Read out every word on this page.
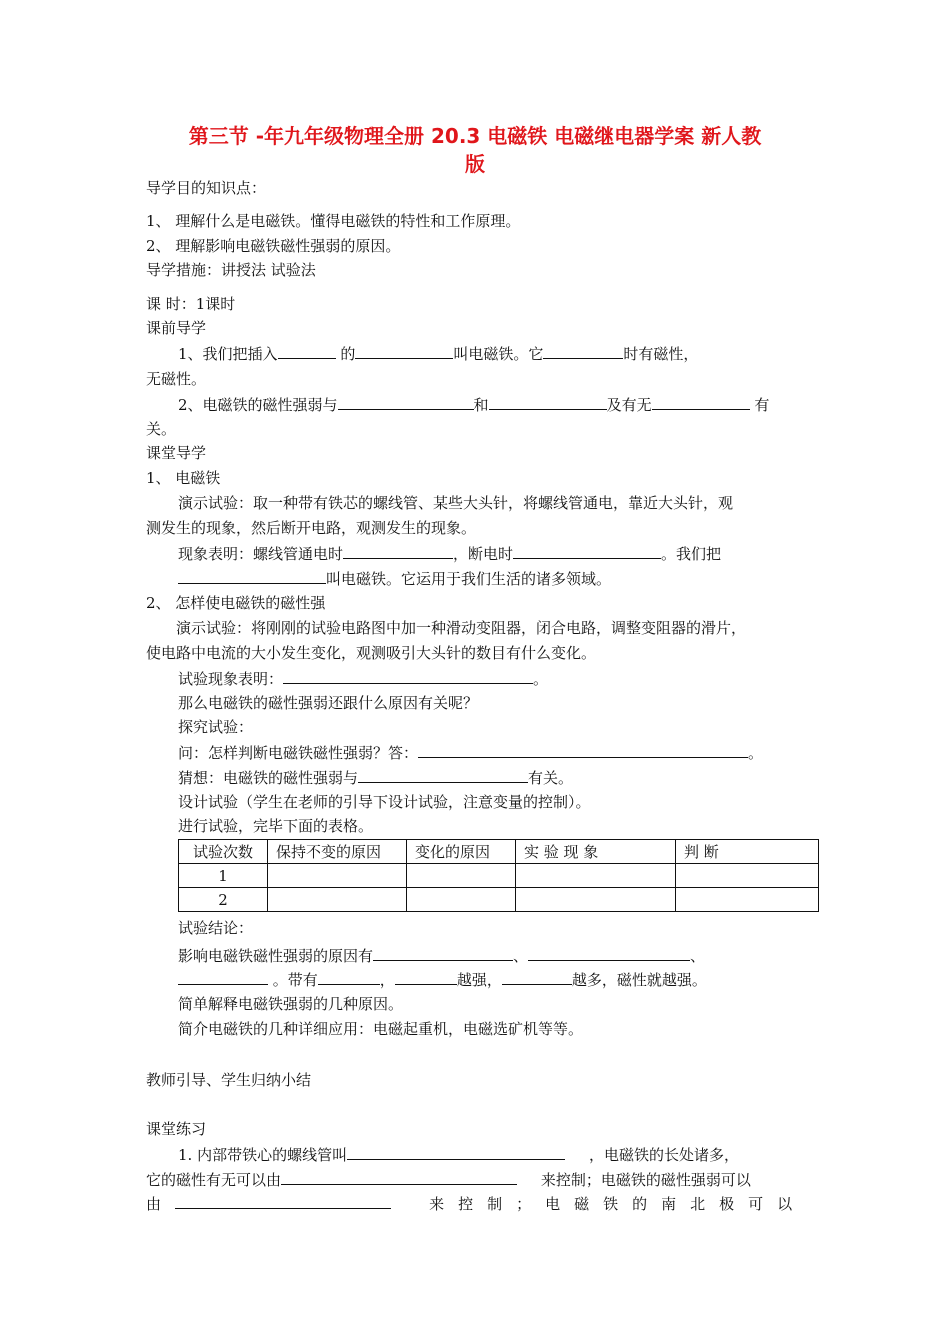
第三节 -年九年级物理全册 20.3 电磁铁 电磁继电器学案 新人教
版
导学目的知识点：
1、 理解什么是电磁铁。懂得电磁铁的特性和工作原理。
2、 理解影响电磁铁磁性强弱的原因。
导学措施：讲授法 试验法
课 时：1课时
课前导学
1、我们把插入	的	叫电磁铁。它	时有磁性，
无磁性。
2、电磁铁的磁性强弱与	和	及有无	有
关。
课堂导学
1、 电磁铁
演示试验：取一种带有铁芯的螺线管、某些大头针，将螺线管通电，靠近大头针，观
测发生的现象，然后断开电路，观测发生的现象。
现象表明：螺线管通电时	，断电时	。我们把
叫电磁铁。它运用于我们生活的诸多领域。
2、 怎样使电磁铁的磁性强
演示试验：将刚刚的试验电路图中加一种滑动变阻器，闭合电路，调整变阻器的滑片，
使电路中电流的大小发生变化，观测吸引大头针的数目有什么变化。
试验现象表明：	。
那么电磁铁的磁性强弱还跟什么原因有关呢？
探究试验：
问：怎样判断电磁铁磁性强弱？答：	。
猜想：电磁铁的磁性强弱与	有关。
设计试验（学生在老师的引导下设计试验，注意变量的控制）。
进行试验，完毕下面的表格。
试验次数	保持不变的原因	变化的原因	实 验 现 象	判 断
1				
2				
试验结论：
影响电磁铁磁性强弱的原因有	、	、
。带有	，	越强，	越多，磁性就越强。
简单解释电磁铁强弱的几种原因。
简介电磁铁的几种详细应用：电磁起重机，电磁选矿机等等。
教师引导、学生归纳小结
课堂练习
1. 内部带铁心的螺线管叫	，电磁铁的长处诸多，
它的磁性有无可以由	来控制；电磁铁的磁性强弱可以
由	来控制；电磁铁的南北极可以
